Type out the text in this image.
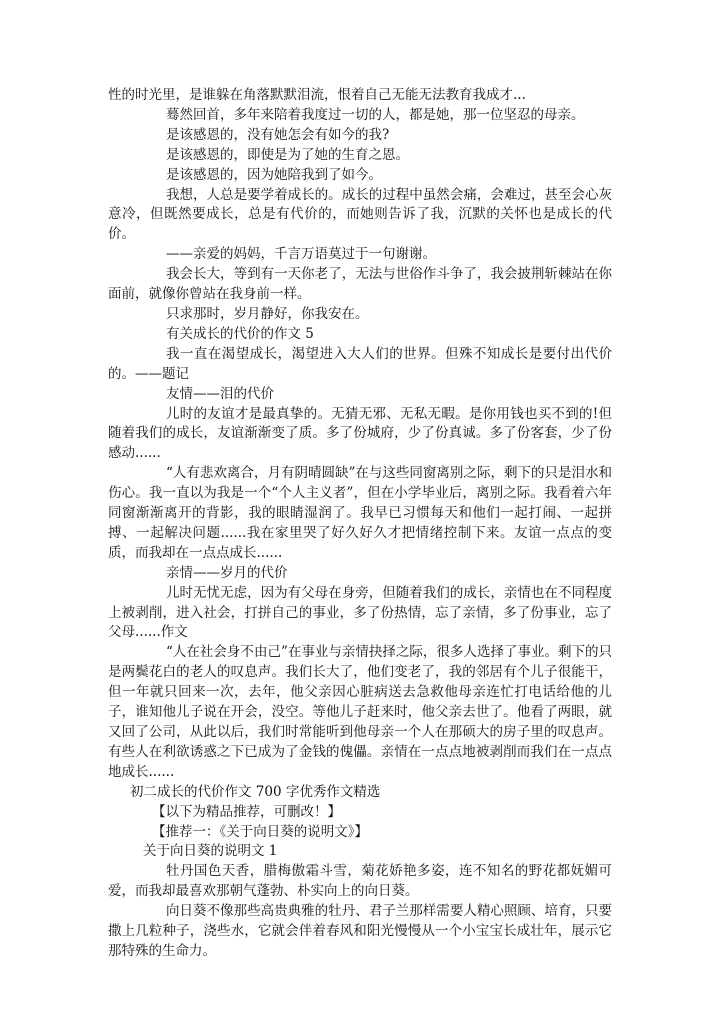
性的时光里，是谁躲在角落默默泪流，恨着自己无能无法教育我成才...

蓦然回首，多年来陪着我度过一切的人，都是她，那一位坚忍的母亲。

是该感恩的，没有她怎会有如今的我?

是该感恩的，即使是为了她的生育之恩。

是该感恩的，因为她陪我到了如今。

我想，人总是要学着成长的。成长的过程中虽然会痛，会难过，甚至会心灰意冷，但既然要成长，总是有代价的，而她则告诉了我，沉默的关怀也是成长的代价。

——亲爱的妈妈，千言万语莫过于一句谢谢。

我会长大，等到有一天你老了，无法与世俗作斗争了，我会披荆斩棘站在你面前，就像你曾站在我身前一样。

只求那时，岁月静好，你我安在。

有关成长的代价的作文 5

我一直在渴望成长，渴望进入大人们的世界。但殊不知成长是要付出代价的。——题记

友情——泪的代价

儿时的友谊才是最真挚的。无猜无邪、无私无暇。是你用钱也买不到的!但随着我们的成长，友谊渐渐变了质。多了份城府，少了份真诚。多了份客套，少了份感动......

“人有悲欢离合，月有阴晴圆缺”在与这些同窗离别之际，剩下的只是泪水和伤心。我一直以为我是一个“个人主义者”，但在小学毕业后，离别之际。我看着六年同窗渐渐离开的背影，我的眼睛湿润了。我早已习惯每天和他们一起打闹、一起拼搏、一起解决问题......我在家里哭了好久好久才把情绪控制下来。友谊一点点的变质，而我却在一点点成长......

亲情——岁月的代价

儿时无忧无虑，因为有父母在身旁，但随着我们的成长，亲情也在不同程度上被剥削，进入社会，打拼自己的事业，多了份热情，忘了亲情，多了份事业，忘了父母......作文

“人在社会身不由己”在事业与亲情抉择之际，很多人选择了事业。剩下的只是两鬓花白的老人的叹息声。我们长大了，他们变老了，我的邻居有个儿子很能干，但一年就只回来一次，去年，他父亲因心脏病送去急救他母亲连忙打电话给他的儿子，谁知他儿子说在开会，没空。等他儿子赶来时，他父亲去世了。他看了两眼，就又回了公司，从此以后，我们时常能听到他母亲一个人在那硕大的房子里的叹息声。有些人在利欲诱惑之下已成为了金钱的傀儡。亲情在一点点地被剥削而我们在一点点地成长......

初二成长的代价作文 700 字优秀作文精选

【以下为精品推荐，可删改！】

【推荐一：《关于向日葵的说明文》】

关于向日葵的说明文 1

牡丹国色天香，腊梅傲霜斗雪，菊花娇艳多姿，连不知名的野花都妩媚可爱，而我却最喜欢那朝气蓬勃、朴实向上的向日葵。

向日葵不像那些高贵典雅的牡丹、君子兰那样需要人精心照顾、培育，只要撒上几粒种子，浇些水，它就会伴着春风和阳光慢慢从一个小宝宝长成壮年，展示它那特殊的生命力。
